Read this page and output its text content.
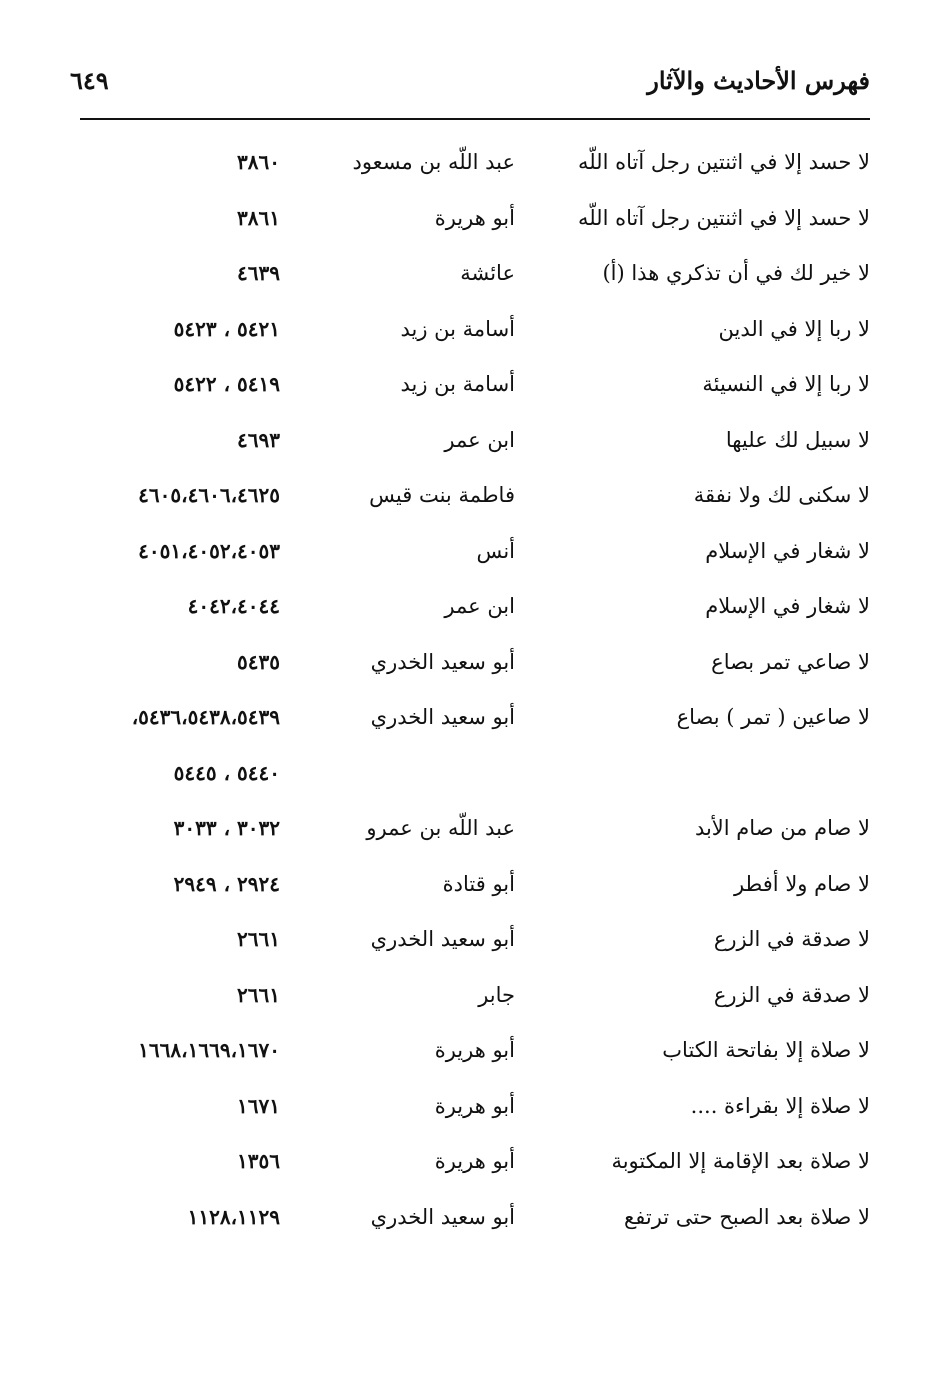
فهرس الأحاديث والآثار
٦٤٩
لا حسد إلا في اثنتين رجل آتاه اللّه
عبد اللّه بن مسعود
٣٨٦٠
لا حسد إلا في اثنتين رجل آتاه اللّه
أبو هريرة
٣٨٦١
لا خير لك في أن تذكري هذا (أ)
عائشة
٤٦٣٩
لا ربا إلا في الدين
أسامة بن زيد
٥٤٢١ ، ٥٤٢٣
لا ربا إلا في النسيئة
أسامة بن زيد
٥٤١٩ ، ٥٤٢٢
لا سبيل لك عليها
ابن عمر
٤٦٩٣
لا سكنى لك ولا نفقة
فاطمة بنت قيس
٤٦٠٥،٤٦٠٦،٤٦٢٥
لا شغار في الإسلام
أنس
٤٠٥١،٤٠٥٢،٤٠٥٣
لا شغار في الإسلام
ابن عمر
٤٠٤٢،٤٠٤٤
لا صاعي تمر بصاع
أبو سعيد الخدري
٥٤٣٥
لا صاعين ( تمر ) بصاع
أبو سعيد الخدري
٥٤٣٦،٥٤٣٨،٥٤٣٩،
٥٤٤٠ ، ٥٤٤٥
لا صام من صام الأبد
عبد اللّه بن عمرو
٣٠٣٢ ، ٣٠٣٣
لا صام ولا أفطر
أبو قتادة
٢٩٢٤ ، ٢٩٤٩
لا صدقة في الزرع
أبو سعيد الخدري
٢٦٦١
لا صدقة في الزرع
جابر
٢٦٦١
لا صلاة إلا بفاتحة الكتاب
أبو هريرة
١٦٦٨،١٦٦٩،١٦٧٠
لا صلاة إلا بقراءة ....
أبو هريرة
١٦٧١
لا صلاة بعد الإقامة إلا المكتوبة
أبو هريرة
١٣٥٦
لا صلاة بعد الصبح حتى ترتفع
أبو سعيد الخدري
١١٢٨،١١٢٩
